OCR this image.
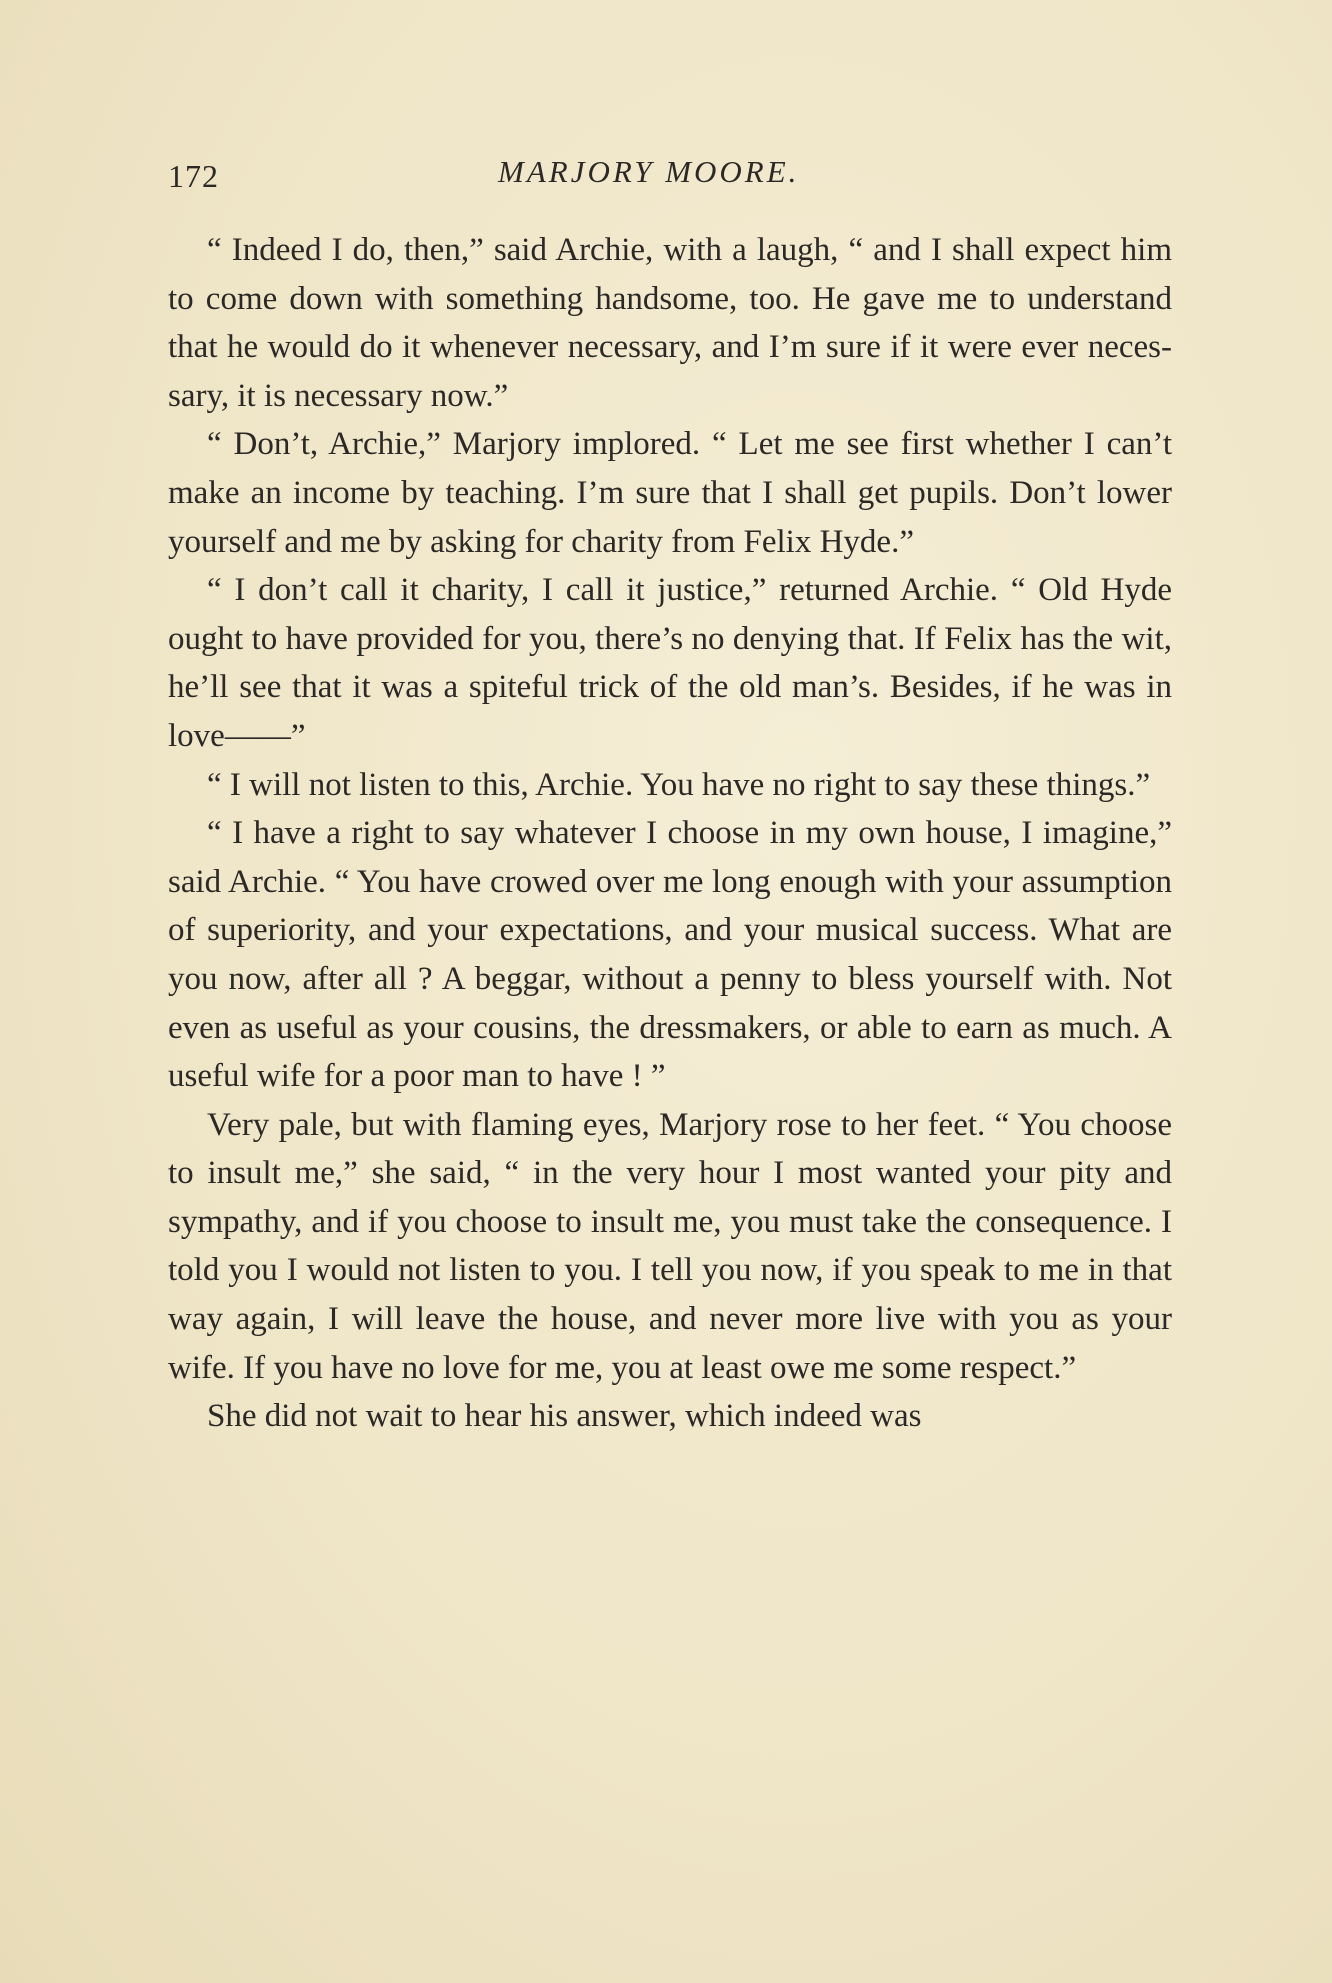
172	MARJORY MOORE.

“ Indeed I do, then,” said Archie, with a laugh, “ and I shall expect him to come down with something handsome, too. He gave me to understand that he would do it whenever necessary, and I’m sure if it were ever necessary, it is necessary now.”

“ Don’t, Archie,” Marjory implored. “ Let me see first whether I can’t make an income by teaching. I’m sure that I shall get pupils. Don’t lower yourself and me by asking for charity from Felix Hyde.”

“ I don’t call it charity, I call it justice,” returned Archie. “ Old Hyde ought to have provided for you, there’s no denying that. If Felix has the wit, he’ll see that it was a spiteful trick of the old man’s. Besides, if he was in love——”

“ I will not listen to this, Archie. You have no right to say these things.”

“ I have a right to say whatever I choose in my own house, I imagine,” said Archie. “ You have crowed over me long enough with your assumption of superiority, and your expectations, and your musical success. What are you now, after all ? A beggar, without a penny to bless yourself with. Not even as useful as your cousins, the dressmakers, or able to earn as much. A useful wife for a poor man to have ! ”

Very pale, but with flaming eyes, Marjory rose to her feet. “ You choose to insult me,” she said, “ in the very hour I most wanted your pity and sympathy, and if you choose to insult me, you must take the consequence. I told you I would not listen to you. I tell you now, if you speak to me in that way again, I will leave the house, and never more live with you as your wife. If you have no love for me, you at least owe me some respect.”

She did not wait to hear his answer, which indeed was
